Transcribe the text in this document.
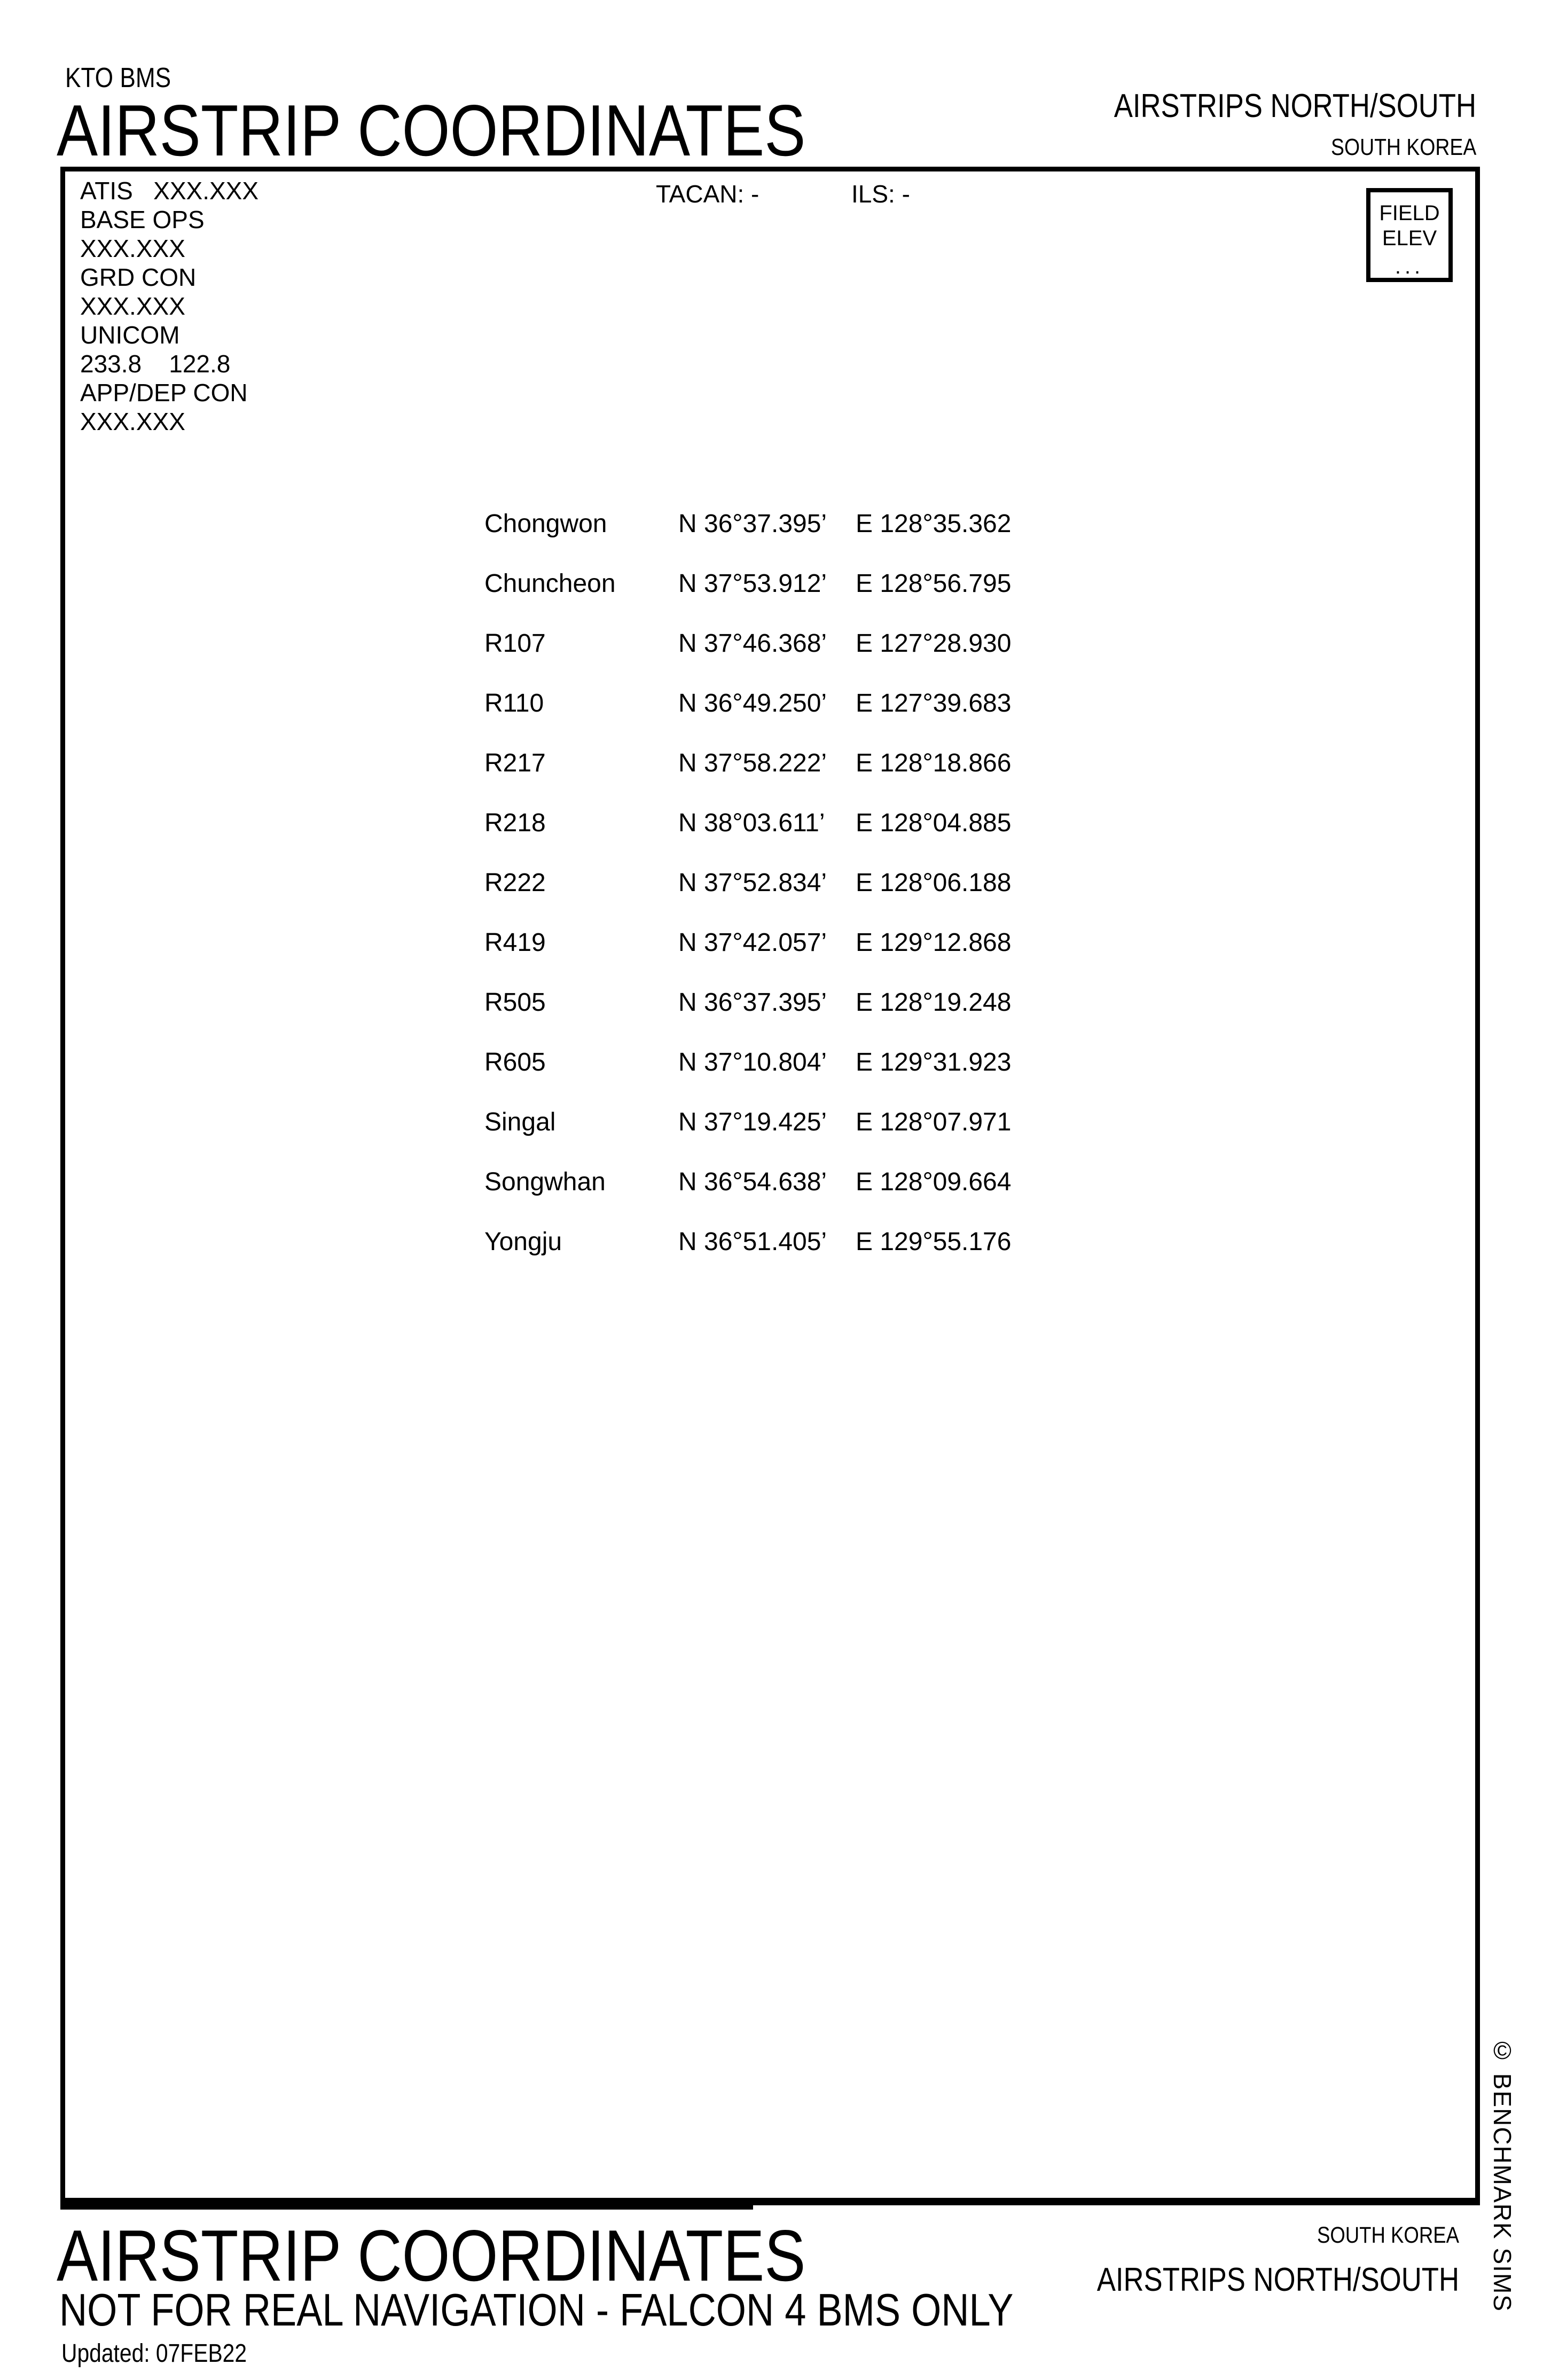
KTO BMS
AIRSTRIP COORDINATES	AIRSTRIPS NORTH/SOUTH
SOUTH KOREA
ATIS   XXX.XXX
BASE OPS
XXX.XXX
GRD CON
XXX.XXX
UNICOM
233.8    122.8
APP/DEP CON
XXX.XXX
TACAN: -	ILS: -
FIELD
ELEV
...
Chongwon	N 36°37.395’	E 128°35.362
Chuncheon	N 37°53.912’	E 128°56.795
R107	N 37°46.368’	E 127°28.930
R110	N 36°49.250’	E 127°39.683
R217	N 37°58.222’	E 128°18.866
R218	N 38°03.611’	E 128°04.885
R222	N 37°52.834’	E 128°06.188
R419	N 37°42.057’	E 129°12.868
R505	N 36°37.395’	E 128°19.248
R605	N 37°10.804’	E 129°31.923
Singal	N 37°19.425’	E 128°07.971
Songwhan	N 36°54.638’	E 128°09.664
Yongju	N 36°51.405’	E 129°55.176
© BENCHMARK SIMS
AIRSTRIP COORDINATES
NOT FOR REAL NAVIGATION - FALCON 4 BMS ONLY
Updated: 07FEB22
SOUTH KOREA
AIRSTRIPS NORTH/SOUTH
